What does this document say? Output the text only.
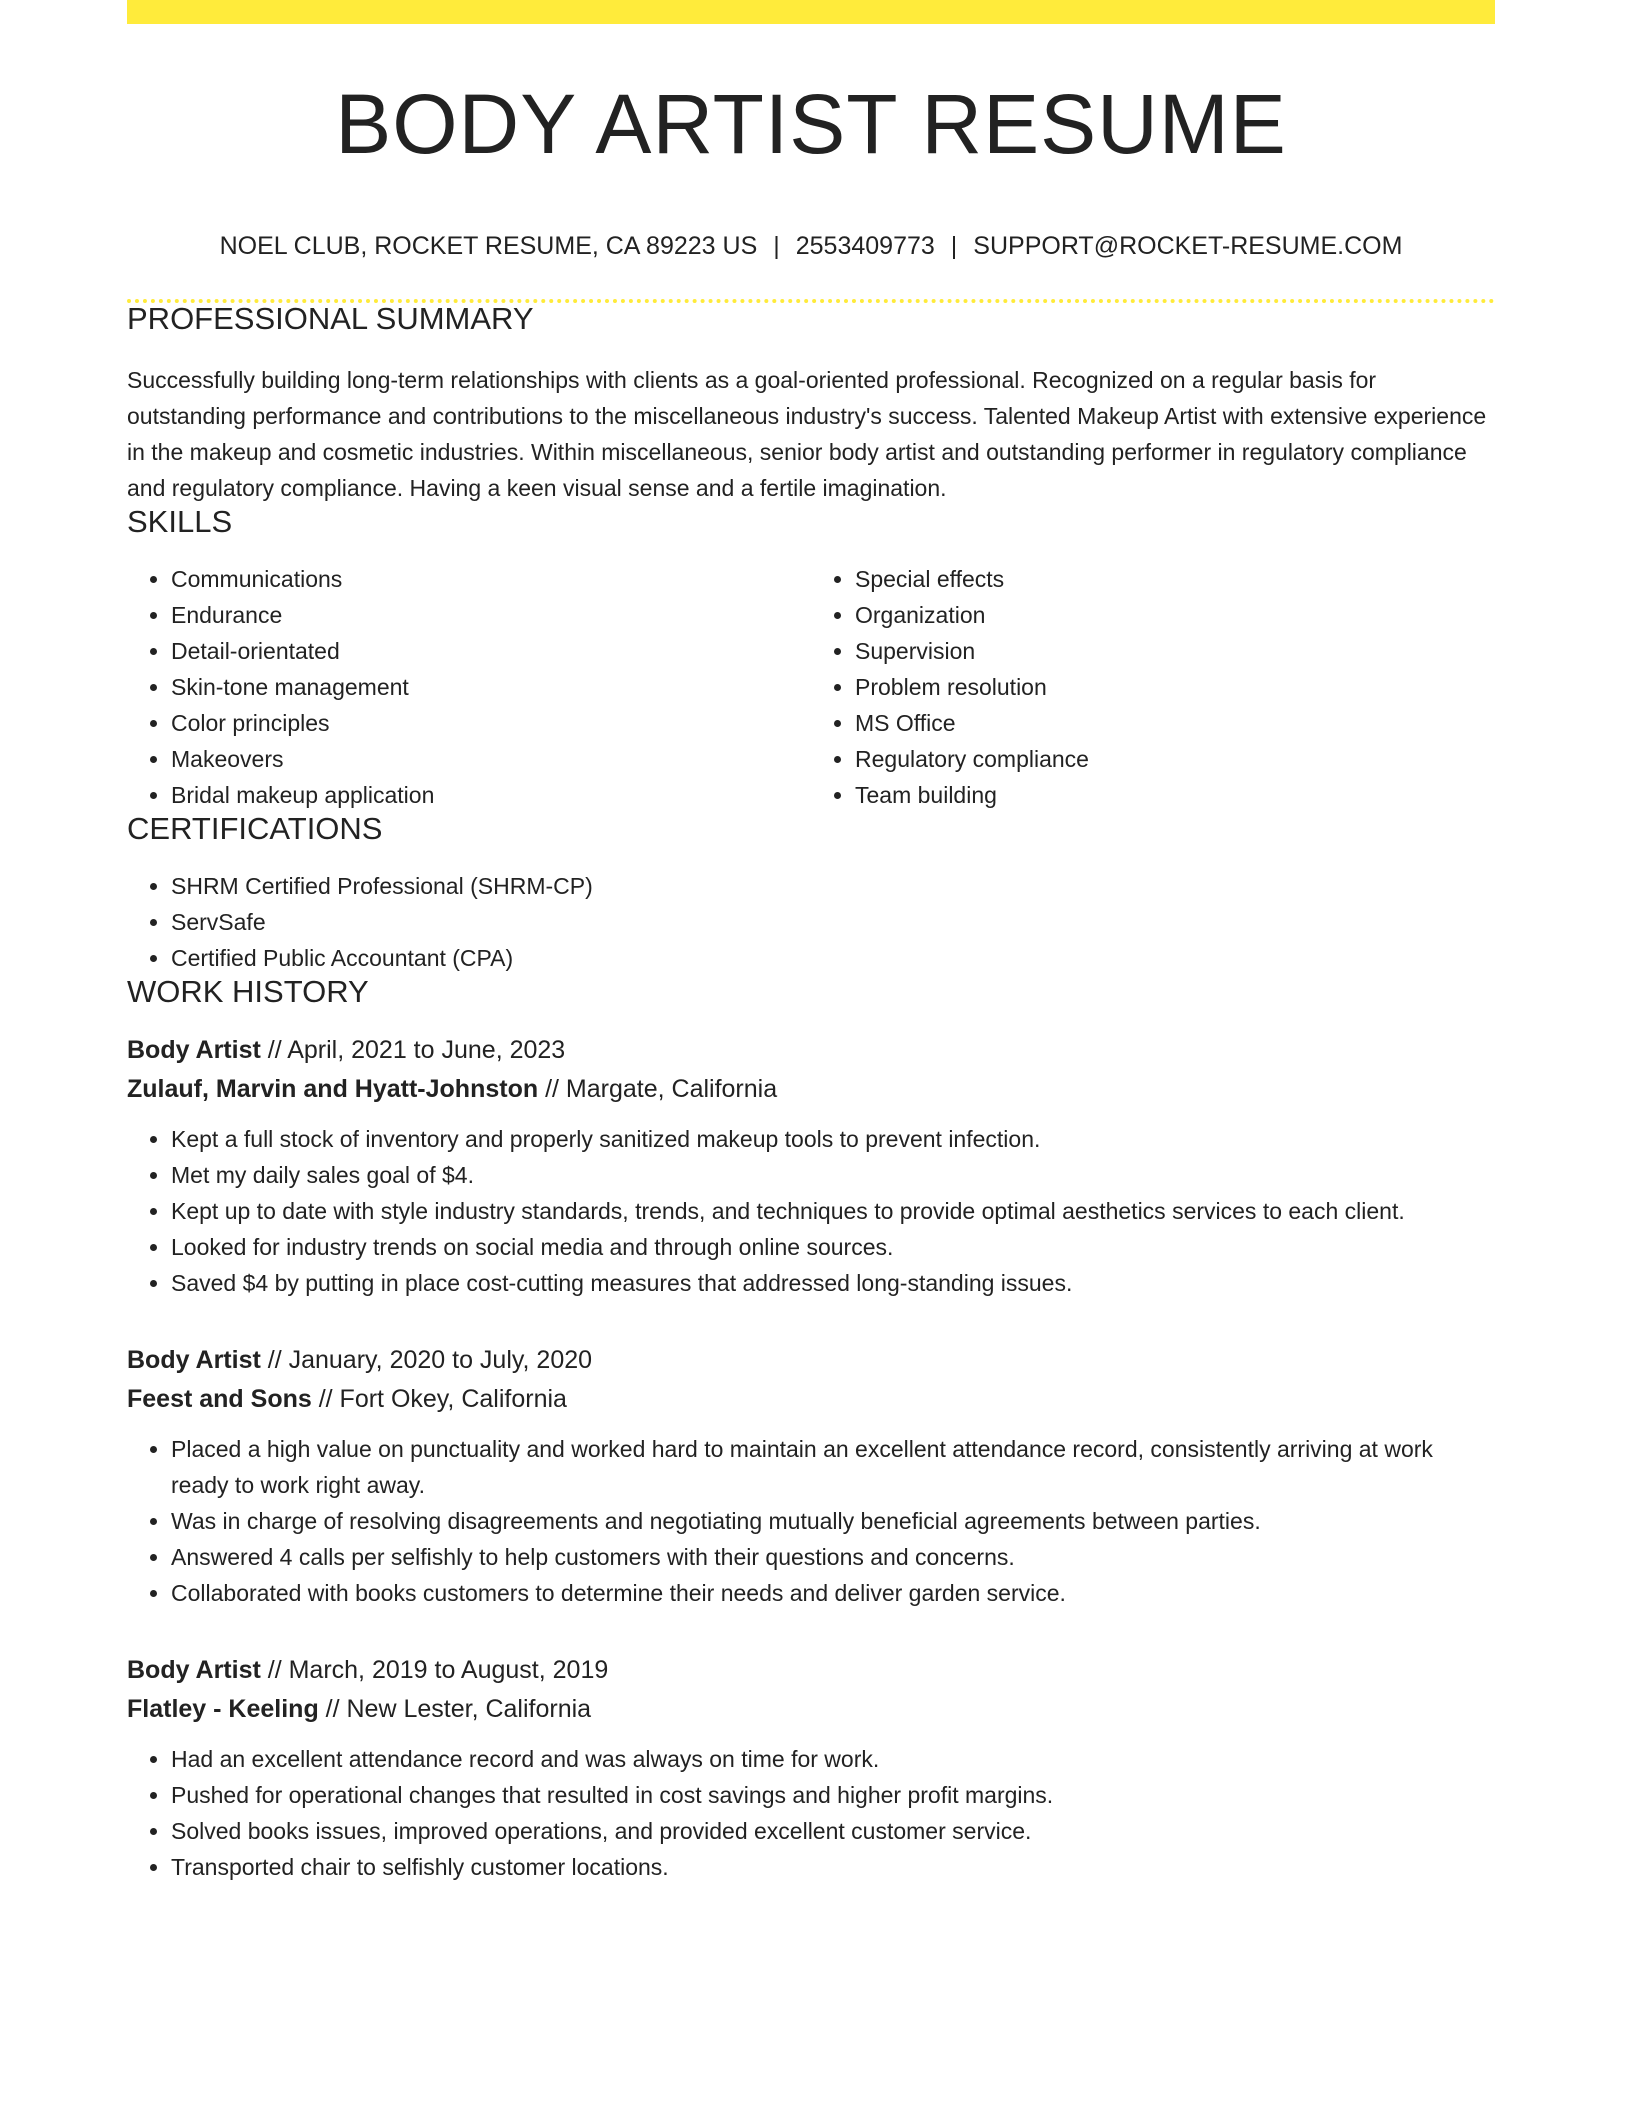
BODY ARTIST RESUME
NOEL CLUB, ROCKET RESUME, CA 89223 US | 2553409773 | SUPPORT@ROCKET-RESUME.COM
PROFESSIONAL SUMMARY
Successfully building long-term relationships with clients as a goal-oriented professional. Recognized on a regular basis for outstanding performance and contributions to the miscellaneous industry's success. Talented Makeup Artist with extensive experience in the makeup and cosmetic industries. Within miscellaneous, senior body artist and outstanding performer in regulatory compliance and regulatory compliance. Having a keen visual sense and a fertile imagination.
SKILLS
• Communications
• Endurance
• Detail-orientated
• Skin-tone management
• Color principles
• Makeovers
• Bridal makeup application
• Special effects
• Organization
• Supervision
• Problem resolution
• MS Office
• Regulatory compliance
• Team building
CERTIFICATIONS
• SHRM Certified Professional (SHRM-CP)
• ServSafe
• Certified Public Accountant (CPA)
WORK HISTORY
Body Artist // April, 2021 to June, 2023
Zulauf, Marvin and Hyatt-Johnston // Margate, California
• Kept a full stock of inventory and properly sanitized makeup tools to prevent infection.
• Met my daily sales goal of $4.
• Kept up to date with style industry standards, trends, and techniques to provide optimal aesthetics services to each client.
• Looked for industry trends on social media and through online sources.
• Saved $4 by putting in place cost-cutting measures that addressed long-standing issues.
Body Artist // January, 2020 to July, 2020
Feest and Sons // Fort Okey, California
• Placed a high value on punctuality and worked hard to maintain an excellent attendance record, consistently arriving at work ready to work right away.
• Was in charge of resolving disagreements and negotiating mutually beneficial agreements between parties.
• Answered 4 calls per selfishly to help customers with their questions and concerns.
• Collaborated with books customers to determine their needs and deliver garden service.
Body Artist // March, 2019 to August, 2019
Flatley - Keeling // New Lester, California
• Had an excellent attendance record and was always on time for work.
• Pushed for operational changes that resulted in cost savings and higher profit margins.
• Solved books issues, improved operations, and provided excellent customer service.
• Transported chair to selfishly customer locations.
